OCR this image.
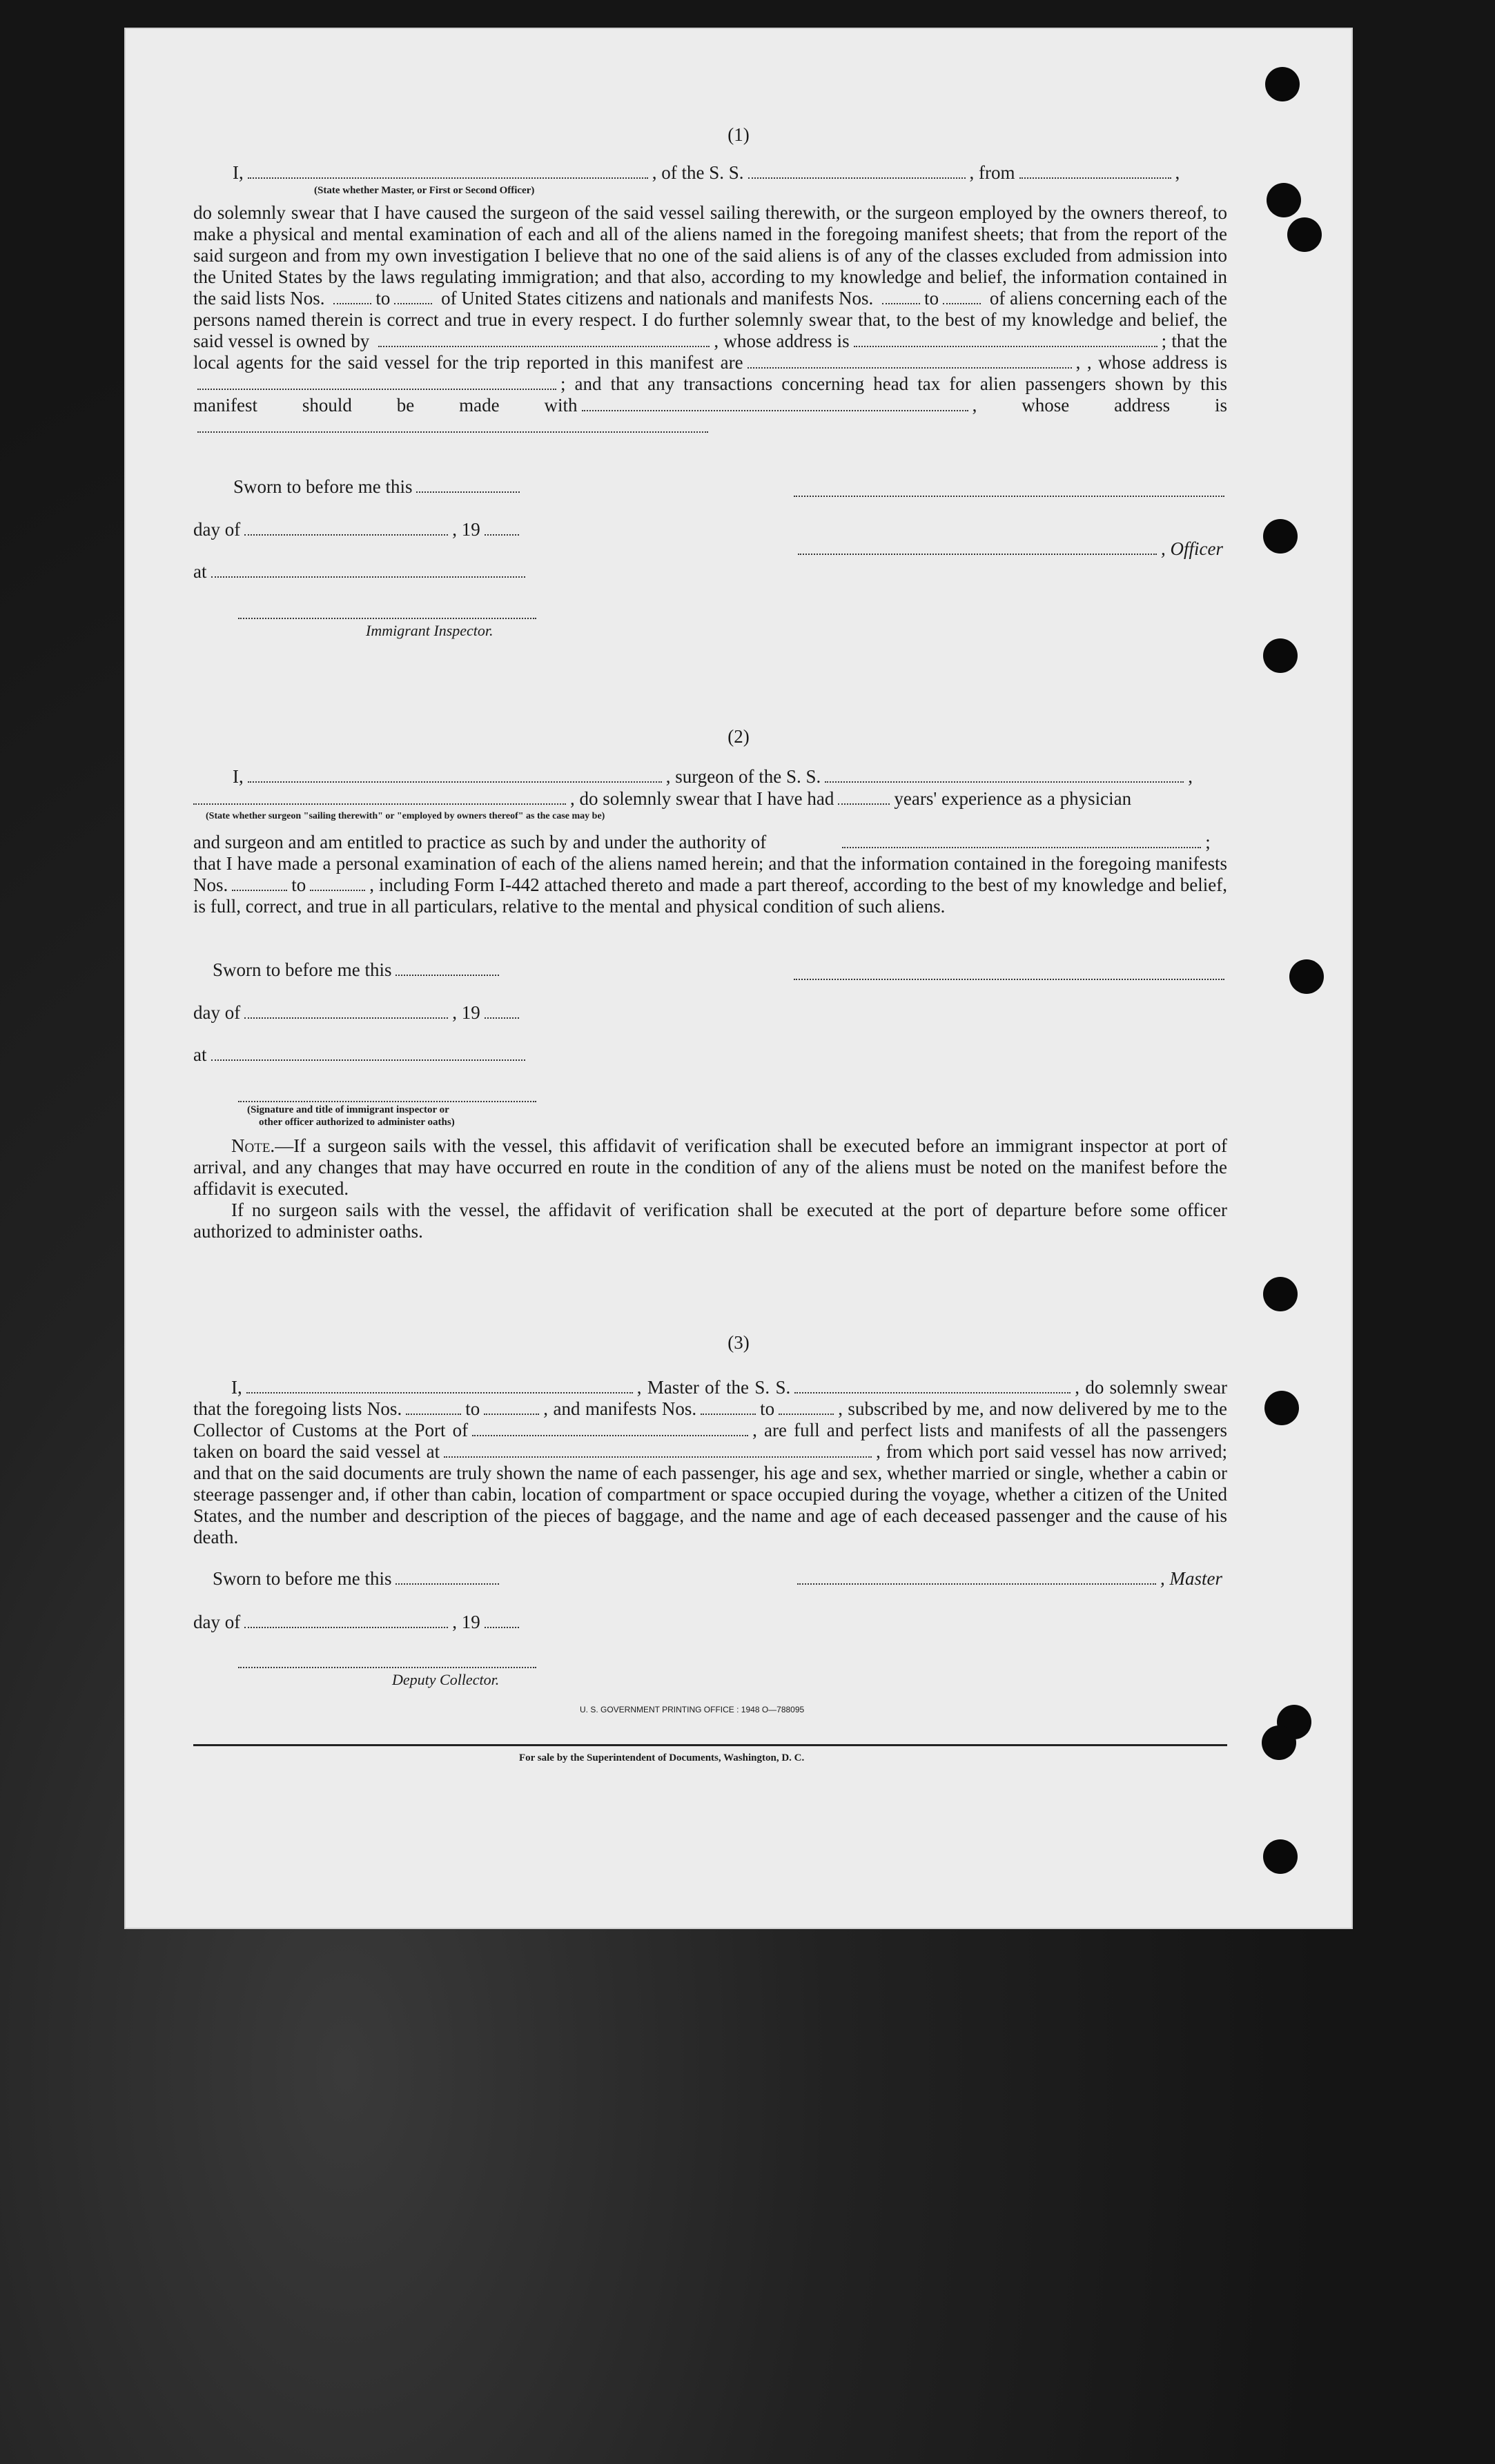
(1)
I,	, of the S. S.	, from	,
(State whether Master, or First or Second Officer)
do solemnly swear that I have caused the surgeon of the said vessel sailing therewith, or the surgeon employed by the owners thereof, to make a physical and mental examination of each and all of the aliens named in the foregoing manifest sheets; that from the report of the said surgeon and from my own investigation I believe that no one of the said aliens is of any of the classes excluded from admission into the United States by the laws regulating immigration; and that also, according to my knowledge and belief, the information contained in the said lists Nos.	to	of United States citizens and nationals and manifests Nos.	to	of aliens concerning each of the persons named therein is correct and true in every respect. I do further solemnly swear that, to the best of my knowledge and belief, the said vessel is owned by	, whose address is	; that the local agents for the said vessel for the trip reported in this manifest are	, , whose address is; and that any transactions concerning head tax for alien passengers shown by this manifest should be made with	, whose address is
Sworn to before me this
day of	, 19
, Officer
at
Immigrant Inspector.
(2)
I,	, surgeon of the S. S.	,
, do solemnly swear that I have had	years' experience as a physician
(State whether surgeon "sailing therewith" or "employed by owners thereof" as the case may be)
and surgeon and am entitled to practice as such by and under the authority of	;
that I have made a personal examination of each of the aliens named herein; and that the information contained in the foregoing manifests Nos.	to	, including Form I-442 attached thereto and made a part thereof, according to the best of my knowledge and belief, is full, correct, and true in all particulars, relative to the mental and physical condition of such aliens.
Sworn to before me this
day of	, 19
at
(Signature and title of immigrant inspector or
other officer authorized to administer oaths)
Note.—If a surgeon sails with the vessel, this affidavit of verification shall be executed before an immigrant inspector at port of arrival, and any changes that may have occurred en route in the condition of any of the aliens must be noted on the manifest before the affidavit is executed.
If no surgeon sails with the vessel, the affidavit of verification shall be executed at the port of departure before some officer authorized to administer oaths.
(3)
I,	, Master of the S. S.	, do solemnly swear that the foregoing lists Nos.	to	, and manifests Nos.	to	, subscribed by me, and now delivered by me to the Collector of Customs at the Port of	, are full and perfect lists and manifests of all the passengers taken on board the said vessel at	, from which port said vessel has now arrived; and that on the said documents are truly shown the name of each passenger, his age and sex, whether married or single, whether a cabin or steerage passenger and, if other than cabin, location of compartment or space occupied during the voyage, whether a citizen of the United States, and the number and description of the pieces of baggage, and the name and age of each deceased passenger and the cause of his death.
Sworn to before me this	, Master
day of	, 19
Deputy Collector.
U. S. GOVERNMENT PRINTING OFFICE : 1948 O—788095
For sale by the Superintendent of Documents, Washington, D. C.
